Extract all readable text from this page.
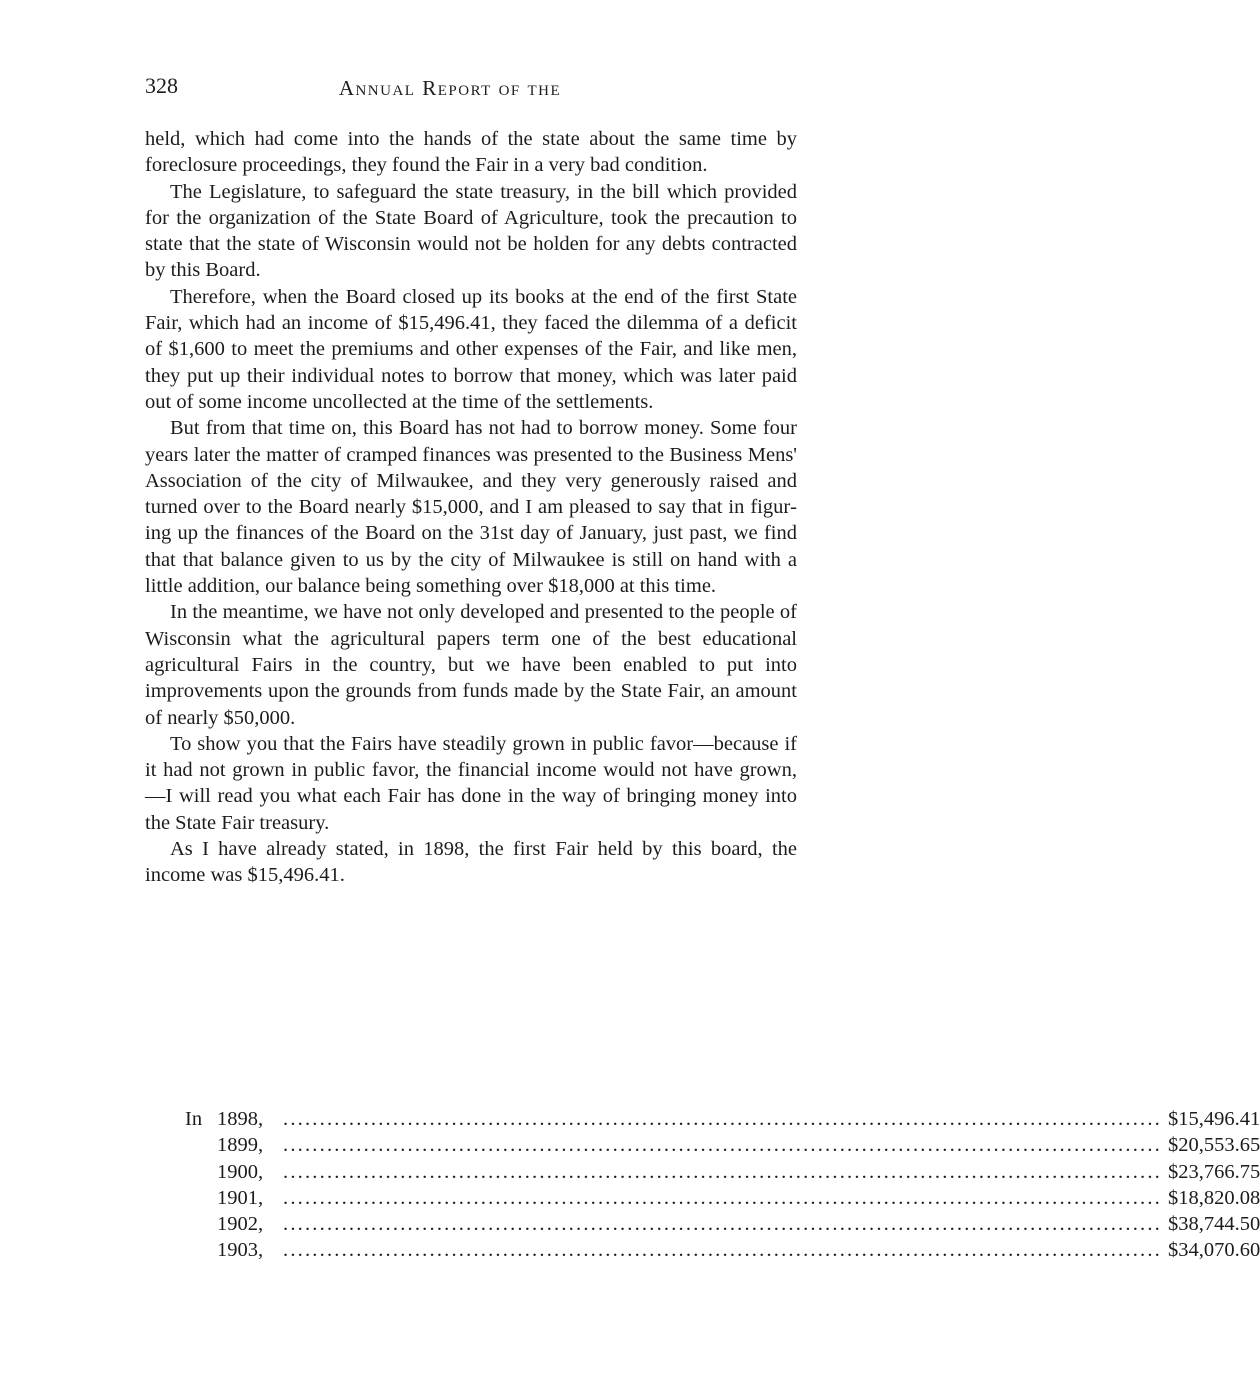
328	Annual Report of the

held, which had come into the hands of the state about the same time by foreclosure proceedings, they found the Fair in a very bad condition.

The Legislature, to safeguard the state treasury, in the bill which provided for the organization of the State Board of Agriculture, took the precaution to state that the state of Wisconsin would not be holden for any debts contracted by this Board.

Therefore, when the Board closed up its books at the end of the first State Fair, which had an income of $15,496.41, they faced the dilemma of a deficit of $1,600 to meet the premiums and other expenses of the Fair, and like men, they put up their individual notes to borrow that money, which was later paid out of some income uncollected at the time of the settlements.

But from that time on, this Board has not had to borrow money. Some four years later the matter of cramped finances was presented to the Business Mens' Association of the city of Milwaukee, and they very generously raised and turned over to the Board nearly $15,000, and I am pleased to say that in figuring up the finances of the Board on the 31st day of January, just past, we find that that balance given to us by the city of Milwaukee is still on hand with a little addition, our balance being something over $18,000 at this time.

In the meantime, we have not only developed and presented to the people of Wisconsin what the agricultural papers term one of the best educational agricultural Fairs in the country, but we have been enabled to put into improvements upon the grounds from funds made by the State Fair, an amount of nearly $50,000.

To show you that the Fairs have steadily grown in public favor—because if it had not grown in public favor, the financial income would not have grown,—I will read you what each Fair has done in the way of bringing money into the State Fair treasury.

As I have already stated, in 1898, the first Fair held by this board, the income was $15,496.41.

In 1898, ........................................................................................................................ $15,496.41
1899, ........................................................................................................................ $20,553.65
1900, ........................................................................................................................ $23,766.75
1901, ........................................................................................................................ $18,820.08
1902, ........................................................................................................................ $38,744.50
1903, ........................................................................................................................ $34,070.60
